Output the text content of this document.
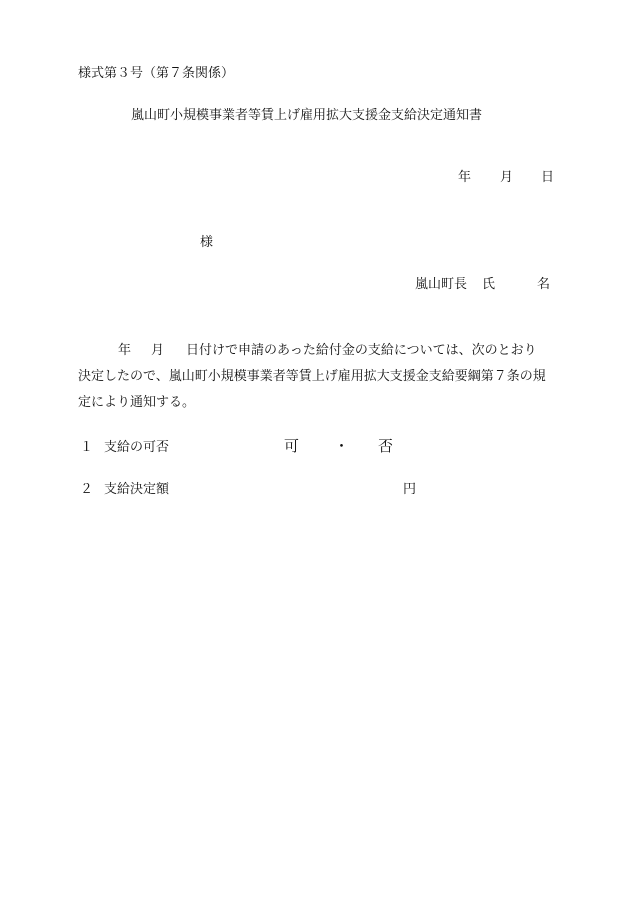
様式第３号（第７条関係）
嵐山町小規模事業者等賃上げ雇用拡大支援金支給決定通知書
年 月 日
様
嵐山町長 氏	名
年 月 日付けで申請のあった給付金の支給については、次のとおり
決定したので、嵐山町小規模事業者等賃上げ雇用拡大支援金支給要綱第７条の規
定により通知する。
１ 支給の可否	可 ・ 否
２ 支給決定額	円
